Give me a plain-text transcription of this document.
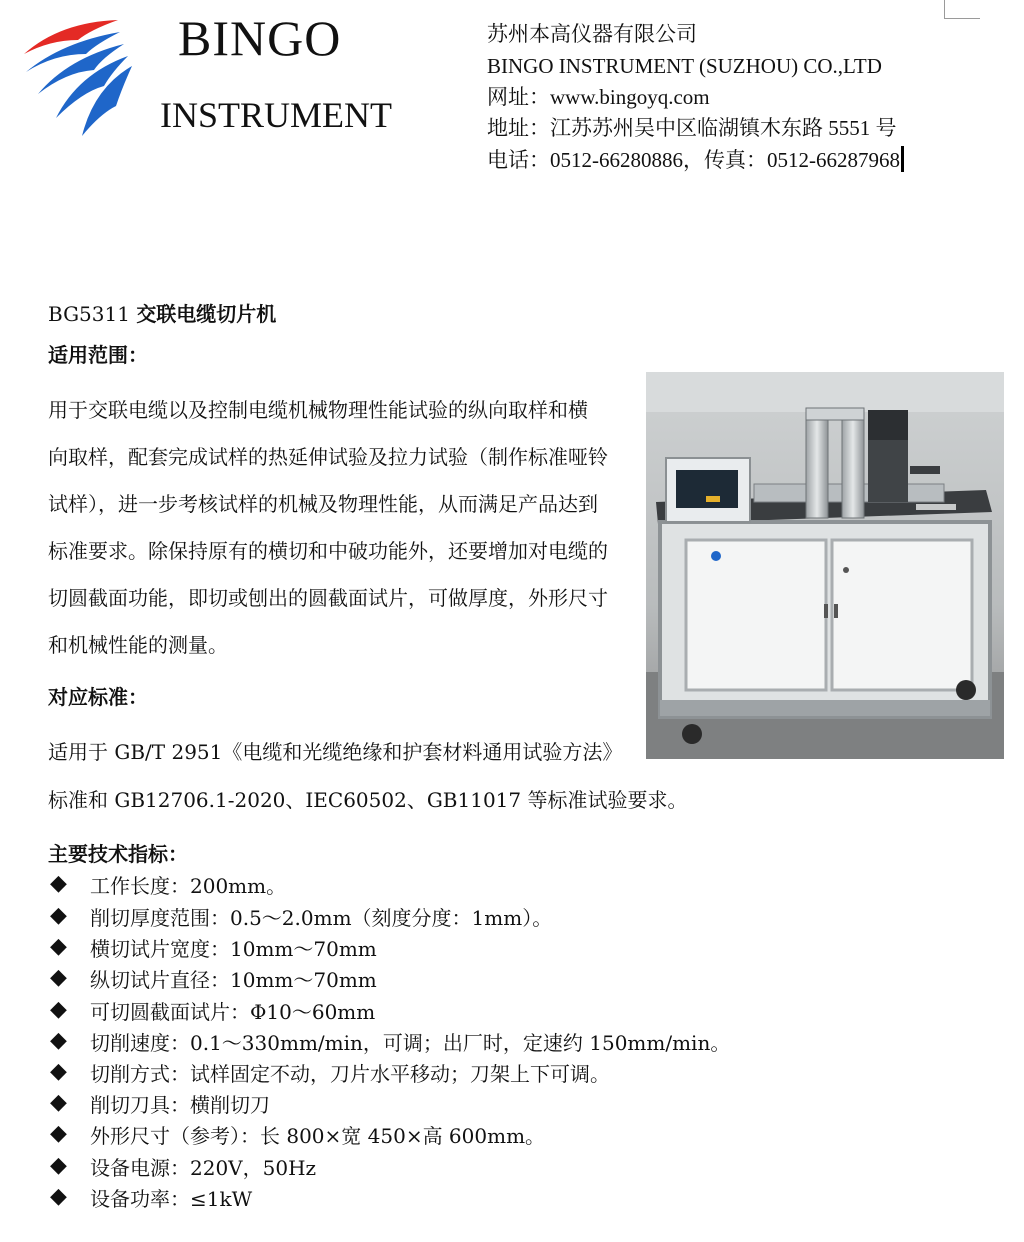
BINGO
INSTRUMENT
苏州本高仪器有限公司
BINGO INSTRUMENT (SUZHOU) CO.,LTD
网址：www.bingoyq.com
地址：江苏苏州吴中区临湖镇木东路 5551 号
电话：0512-66280886，传真：0512-66287968
BG5311 交联电缆切片机
适用范围：
用于交联电缆以及控制电缆机械物理性能试验的纵向取样和横
向取样，配套完成试样的热延伸试验及拉力试验（制作标准哑铃
试样），进一步考核试样的机械及物理性能，从而满足产品达到
标准要求。除保持原有的横切和中破功能外，还要增加对电缆的
切圆截面功能，即切或刨出的圆截面试片，可做厚度，外形尺寸
和机械性能的测量。
对应标准：
适用于 GB/T 2951《电缆和光缆绝缘和护套材料通用试验方法》
标准和 GB12706.1-2020、IEC60502、GB11017 等标准试验要求。
主要技术指标：
◆ 工作长度：200mm。
◆ 削切厚度范围：0.5～2.0mm（刻度分度：1mm）。
◆ 横切试片宽度：10mm～70mm
◆ 纵切试片直径：10mm～70mm
◆ 可切圆截面试片：Φ10～60mm
◆ 切削速度：0.1～330mm/min，可调；出厂时，定速约 150mm/min。
◆ 切削方式：试样固定不动，刀片水平移动；刀架上下可调。
◆ 削切刀具：横削切刀
◆ 外形尺寸（参考）：长 800×宽 450×高 600mm。
◆ 设备电源：220V，50Hz
◆ 设备功率：≤1kW
